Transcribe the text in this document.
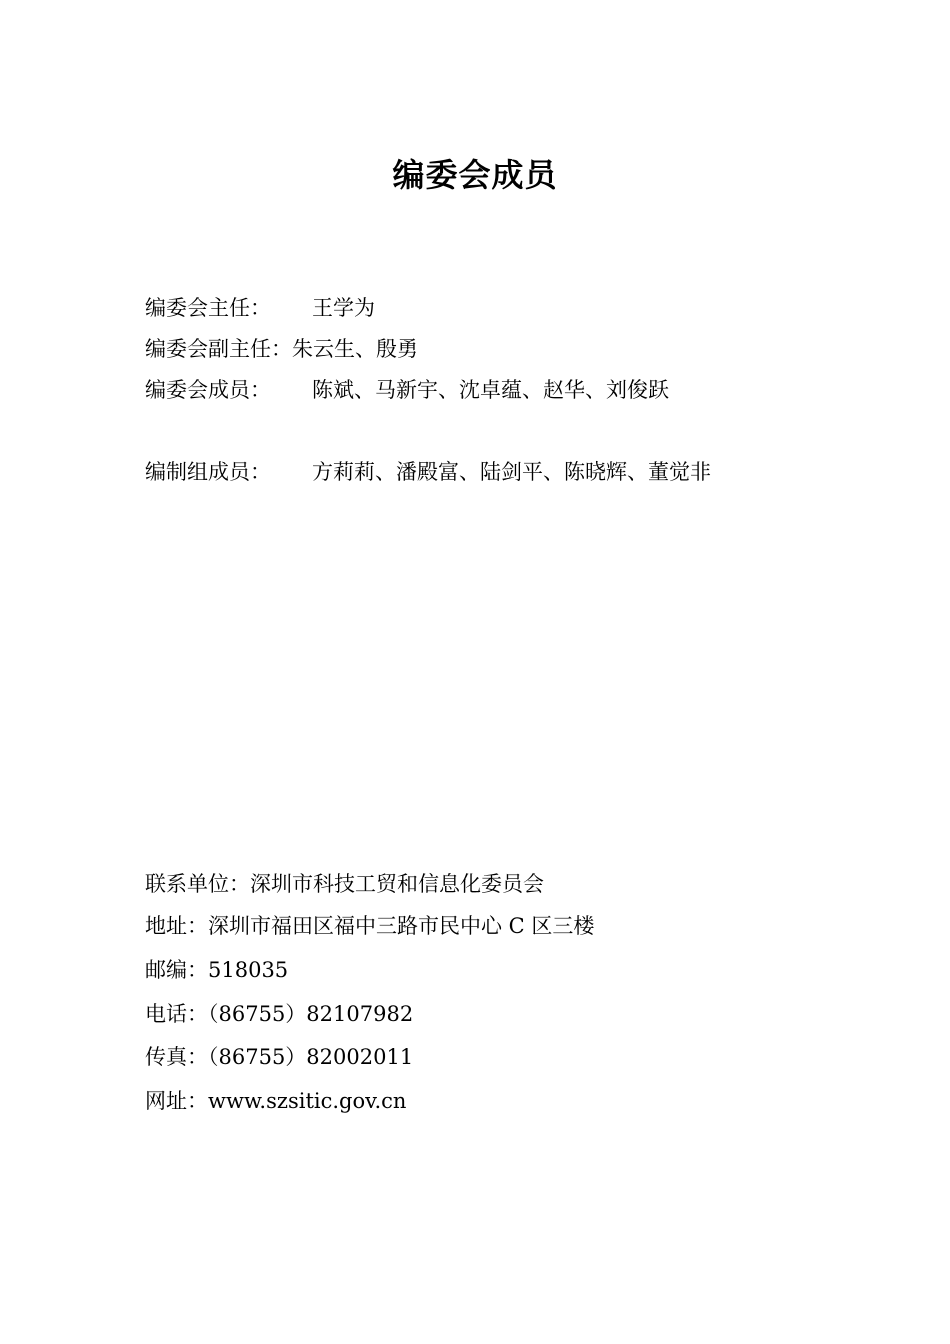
编委会成员
编委会主任： 王学为
编委会副主任：朱云生、殷勇
编委会成员： 陈斌、马新宇、沈卓蕴、赵华、刘俊跃
编制组成员： 方莉莉、潘殿富、陆剑平、陈晓辉、董觉非
联系单位：深圳市科技工贸和信息化委员会
地址：深圳市福田区福中三路市民中心 C 区三楼
邮编：518035
电话：（86755）82107982
传真：（86755）82002011
网址：www.szsitic.gov.cn
